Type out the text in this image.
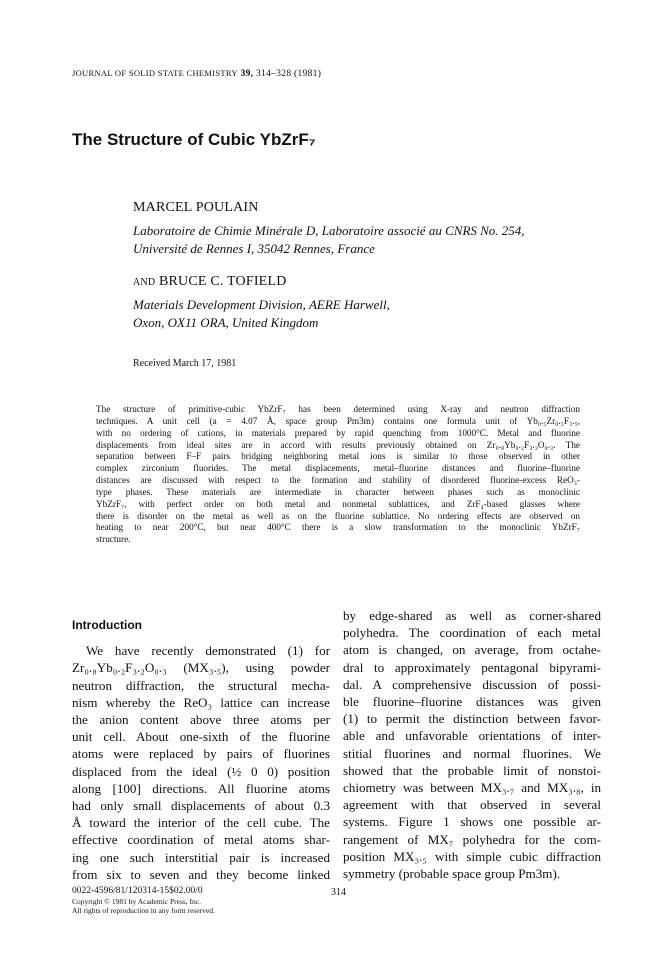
JOURNAL OF SOLID STATE CHEMISTRY 39, 314–328 (1981)
The Structure of Cubic YbZrF₇
MARCEL POULAIN
Laboratoire de Chimie Minérale D, Laboratoire associé au CNRS No. 254,
Université de Rennes I, 35042 Rennes, France
AND BRUCE C. TOFIELD
Materials Development Division, AERE Harwell,
Oxon, OX11 ORA, United Kingdom
Received March 17, 1981
The structure of primitive-cubic YbZrF₇ has been determined using X-ray and neutron diffraction
techniques. A unit cell (a = 4.07 Å, space group Pm3m) contains one formula unit of Yb₀.₅Zr₀.₅F₃.₅,
with no ordering of cations, in materials prepared by rapid quenching from 1000°C. Metal and fluorine
displacements from ideal sites are in accord with results previously obtained on Zr₀.₈Yb₀.₂F₃.₂O₀.₃. The
separation between F–F pairs bridging neighboring metal ions is similar to those observed in other
complex zirconium fluorides. The metal displacements, metal–fluorine distances and fluorine–fluorine
distances are discussed with respect to the formation and stability of disordered fluorine-excess ReO₃-
type phases. These materials are intermediate in character between phases such as monoclinic
YbZrF₇, with perfect order on both metal and nonmetal sublattices, and ZrF₄-based glasses where
there is disorder on the metal as well as on the fluorine sublattice. No ordering effects are observed on
heating to near 200°C, but near 400°C there is a slow transformation to the monoclinic YbZrF₇
structure.
Introduction
We have recently demonstrated (1) for
Zr₀.₈Yb₀.₂F₃.₂O₀.₃ (MX₃.₅), using powder
neutron diffraction, the structural mecha-
nism whereby the ReO₃ lattice can increase
the anion content above three atoms per
unit cell. About one-sixth of the fluorine
atoms were replaced by pairs of fluorines
displaced from the ideal (½ 0 0) position
along [100] directions. All fluorine atoms
had only small displacements of about 0.3
Å toward the interior of the cell cube. The
effective coordination of metal atoms shar-
ing one such interstitial pair is increased
from six to seven and they become linked
by edge-shared as well as corner-shared
polyhedra. The coordination of each metal
atom is changed, on average, from octahe-
dral to approximately pentagonal bipyrami-
dal. A comprehensive discussion of possi-
ble fluorine–fluorine distances was given
(1) to permit the distinction between favor-
able and unfavorable orientations of inter-
stitial fluorines and normal fluorines. We
showed that the probable limit of nonstoi-
chiometry was between MX₃.₇ and MX₃.₈, in
agreement with that observed in several
systems. Figure 1 shows one possible ar-
rangement of MX₇ polyhedra for the com-
position MX₃.₅ with simple cubic diffraction
symmetry (probable space group Pm3m).
0022-4596/81/120314-15$02.00/0
Copyright © 1981 by Academic Press, Inc.
All rights of reproduction in any form reserved.
314
